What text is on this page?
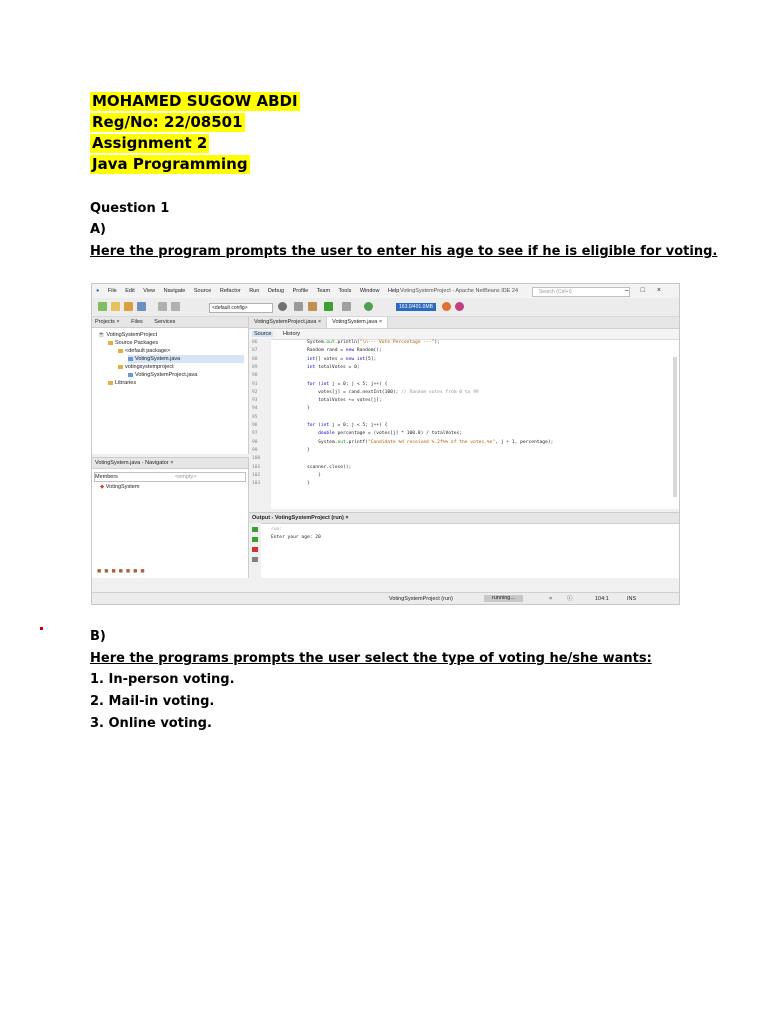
MOHAMED SUGOW ABDI
Reg/No: 22/08501
Assignment 2
Java Programming
Question 1
A)
Here the program prompts the user to enter his age to see if he is eligible for voting.
● File Edit View Navigate Source Refactor Run Debug Profile Team Tools Window Help VotingSystemProject - Apache NetBeans IDE 24	Search (Ctrl+I)	–□×
<default config>	163.0/491.0MB
Projects × Files Services
☕ VotingSystemProject
Source Packages
<default package>
VotingSystem.java
votingsystemproject
VotingSystemProject.java
Libraries
VotingSystem.java - Navigator ×
Members	<empty>
◆ VotingSystem
■■■■■■■
VotingSystemProject.java × VotingSystem.java ×
Source History
86
87
88
89
90
91
92
93
94
95
96
97
98
99
100
101
102
103
System.out.println("\n--- Vote Percentage ---");
Random rand = new Random();
int[] votes = new int[5];
int totalVotes = 0;
for (int j = 0; j < 5; j++) {
votes[j] = rand.nextInt(100); // Random votes from 0 to 99
totalVotes += votes[j];
}
for (int j = 0; j < 5; j++) {
double percentage = (votes[j] * 100.0) / totalVotes;
System.out.printf("Candidate %d received %.2f%% of the votes.%n", j + 1, percentage);
}
scanner.close();
}
}
Output - VotingSystemProject (run) ×
run:
Enter your age: 20
VotingSystemProject (run)	running...	×	ⓘ	104:1	INS
B)
Here the programs prompts the user select the type of voting he/she wants:
1. In-person voting.
2. Mail-in voting.
3. Online voting.
